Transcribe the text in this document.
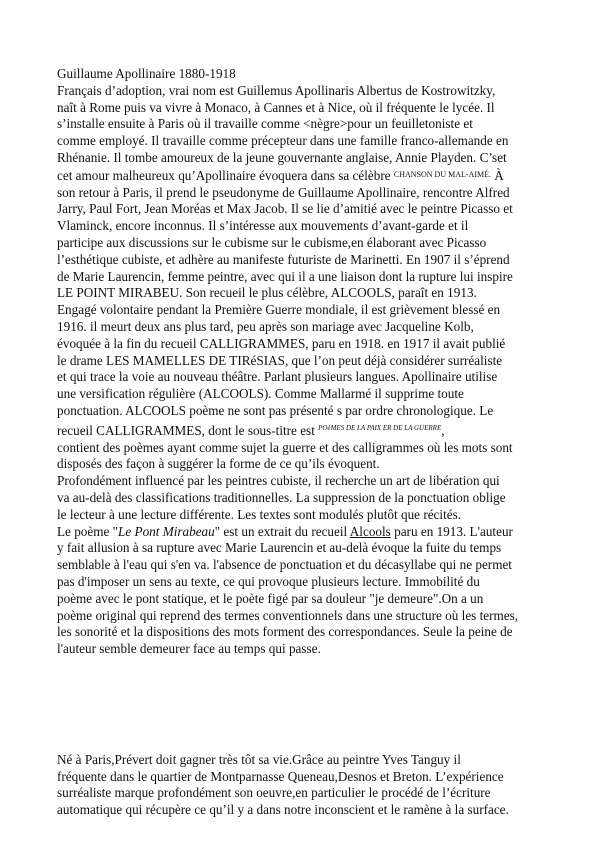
Guillaume Apollinaire 1880-1918
Français d’adoption, vrai nom est Guillemus Apollinaris Albertus de Kostrowitzky,
naît à Rome puis va vivre à Monaco, à Cannes et à Nice, où il fréquente le lycée. Il
s’installe ensuite à Paris où il travaille comme <nègre>pour un feuilletoniste et
comme employé. Il travaille comme précepteur dans une famille franco-allemande en
Rhénanie. Il tombe amoureux de la jeune gouvernante anglaise, Annie Playden. C’set
cet amour malheureux qu’Apollinaire évoquera dans sa célèbre $^{CHANSON DU MAL-AIMÉ.}$ À
son retour à Paris, il prend le pseudonyme de Guillaume Apollinaire, rencontre Alfred
Jarry, Paul Fort, Jean Moréas et Max Jacob. Il se lie d’amitié avec le peintre Picasso et
Vlaminck, encore inconnus. Il s’intéresse aux mouvements d’avant-garde et il
participe aux discussions sur le cubisme sur le cubisme,en élaborant avec Picasso
l’esthétique cubiste, et adhère au manifeste futuriste de Marinetti. En 1907 il s’éprend
de Marie Laurencin, femme peintre, avec qui il a une liaison dont la rupture lui inspire
LE POINT MIRABEU. Son recueil le plus célèbre, ALCOOLS, paraît en 1913.
Engagé volontaire pendant la Première Guerre mondiale, il est grièvement blessé en
1916. il meurt deux ans plus tard, peu après son mariage avec Jacqueline Kolb,
évoquée à la fin du recueil CALLIGRAMMES, paru en 1918. en 1917 il avait publié
le drame LES MAMELLES DE TIRéSIAS, que l’on peut déjà considérer surréaliste
et qui trace la voie au nouveau théâtre. Parlant plusieurs langues. Apollinaire utilise
une versification régulière (ALCOOLS). Comme Mallarmé il supprime toute
ponctuation. ALCOOLS poème ne sont pas présenté s par ordre chronologique. Le
recueil CALLIGRAMMES, dont le sous-titre est $^{POèMES DE LA PAIX ER DE LA GUERRE}$,
contient des poèmes ayant comme sujet la guerre et des calligrammes où les mots sont
disposés des façon à suggérer la forme de ce qu’ils évoquent.
Profondément influencé par les peintres cubiste, il recherche un art de libération qui
va au-delà des classifications traditionnelles. La suppression de la ponctuation oblige
le lecteur à une lecture différente. Les textes sont modulés plutôt que récités.
Le poème "Le Pont Mirabeau" est un extrait du recueil Alcools paru en 1913. L'auteur
y fait allusion à sa rupture avec Marie Laurencin et au-delà évoque la fuite du temps
semblable à l'eau qui s'en va. l'absence de ponctuation et du décasyllabe qui ne permet
pas d'imposer un sens au texte, ce qui provoque plusieurs lecture. Immobilité du
poème avec le pont statique, et le poète figé par sa douleur "je demeure".On a un
poème original qui reprend des termes conventionnels dans une structure où les termes,
les sonorité et la dispositions des mots forment des correspondances. Seule la peine de
l'auteur semble demeurer face au temps qui passe.
Né à Paris,Prévert doit gagner très tôt sa vie.Grâce au peintre Yves Tanguy il
fréquente dans le quartier de Montparnasse Queneau,Desnos et Breton. L’expérience
surréaliste marque profondément son oeuvre,en particulier le procédé de l’écriture
automatique qui récupère ce qu’il y a dans notre inconscient et le ramène à la surface.
